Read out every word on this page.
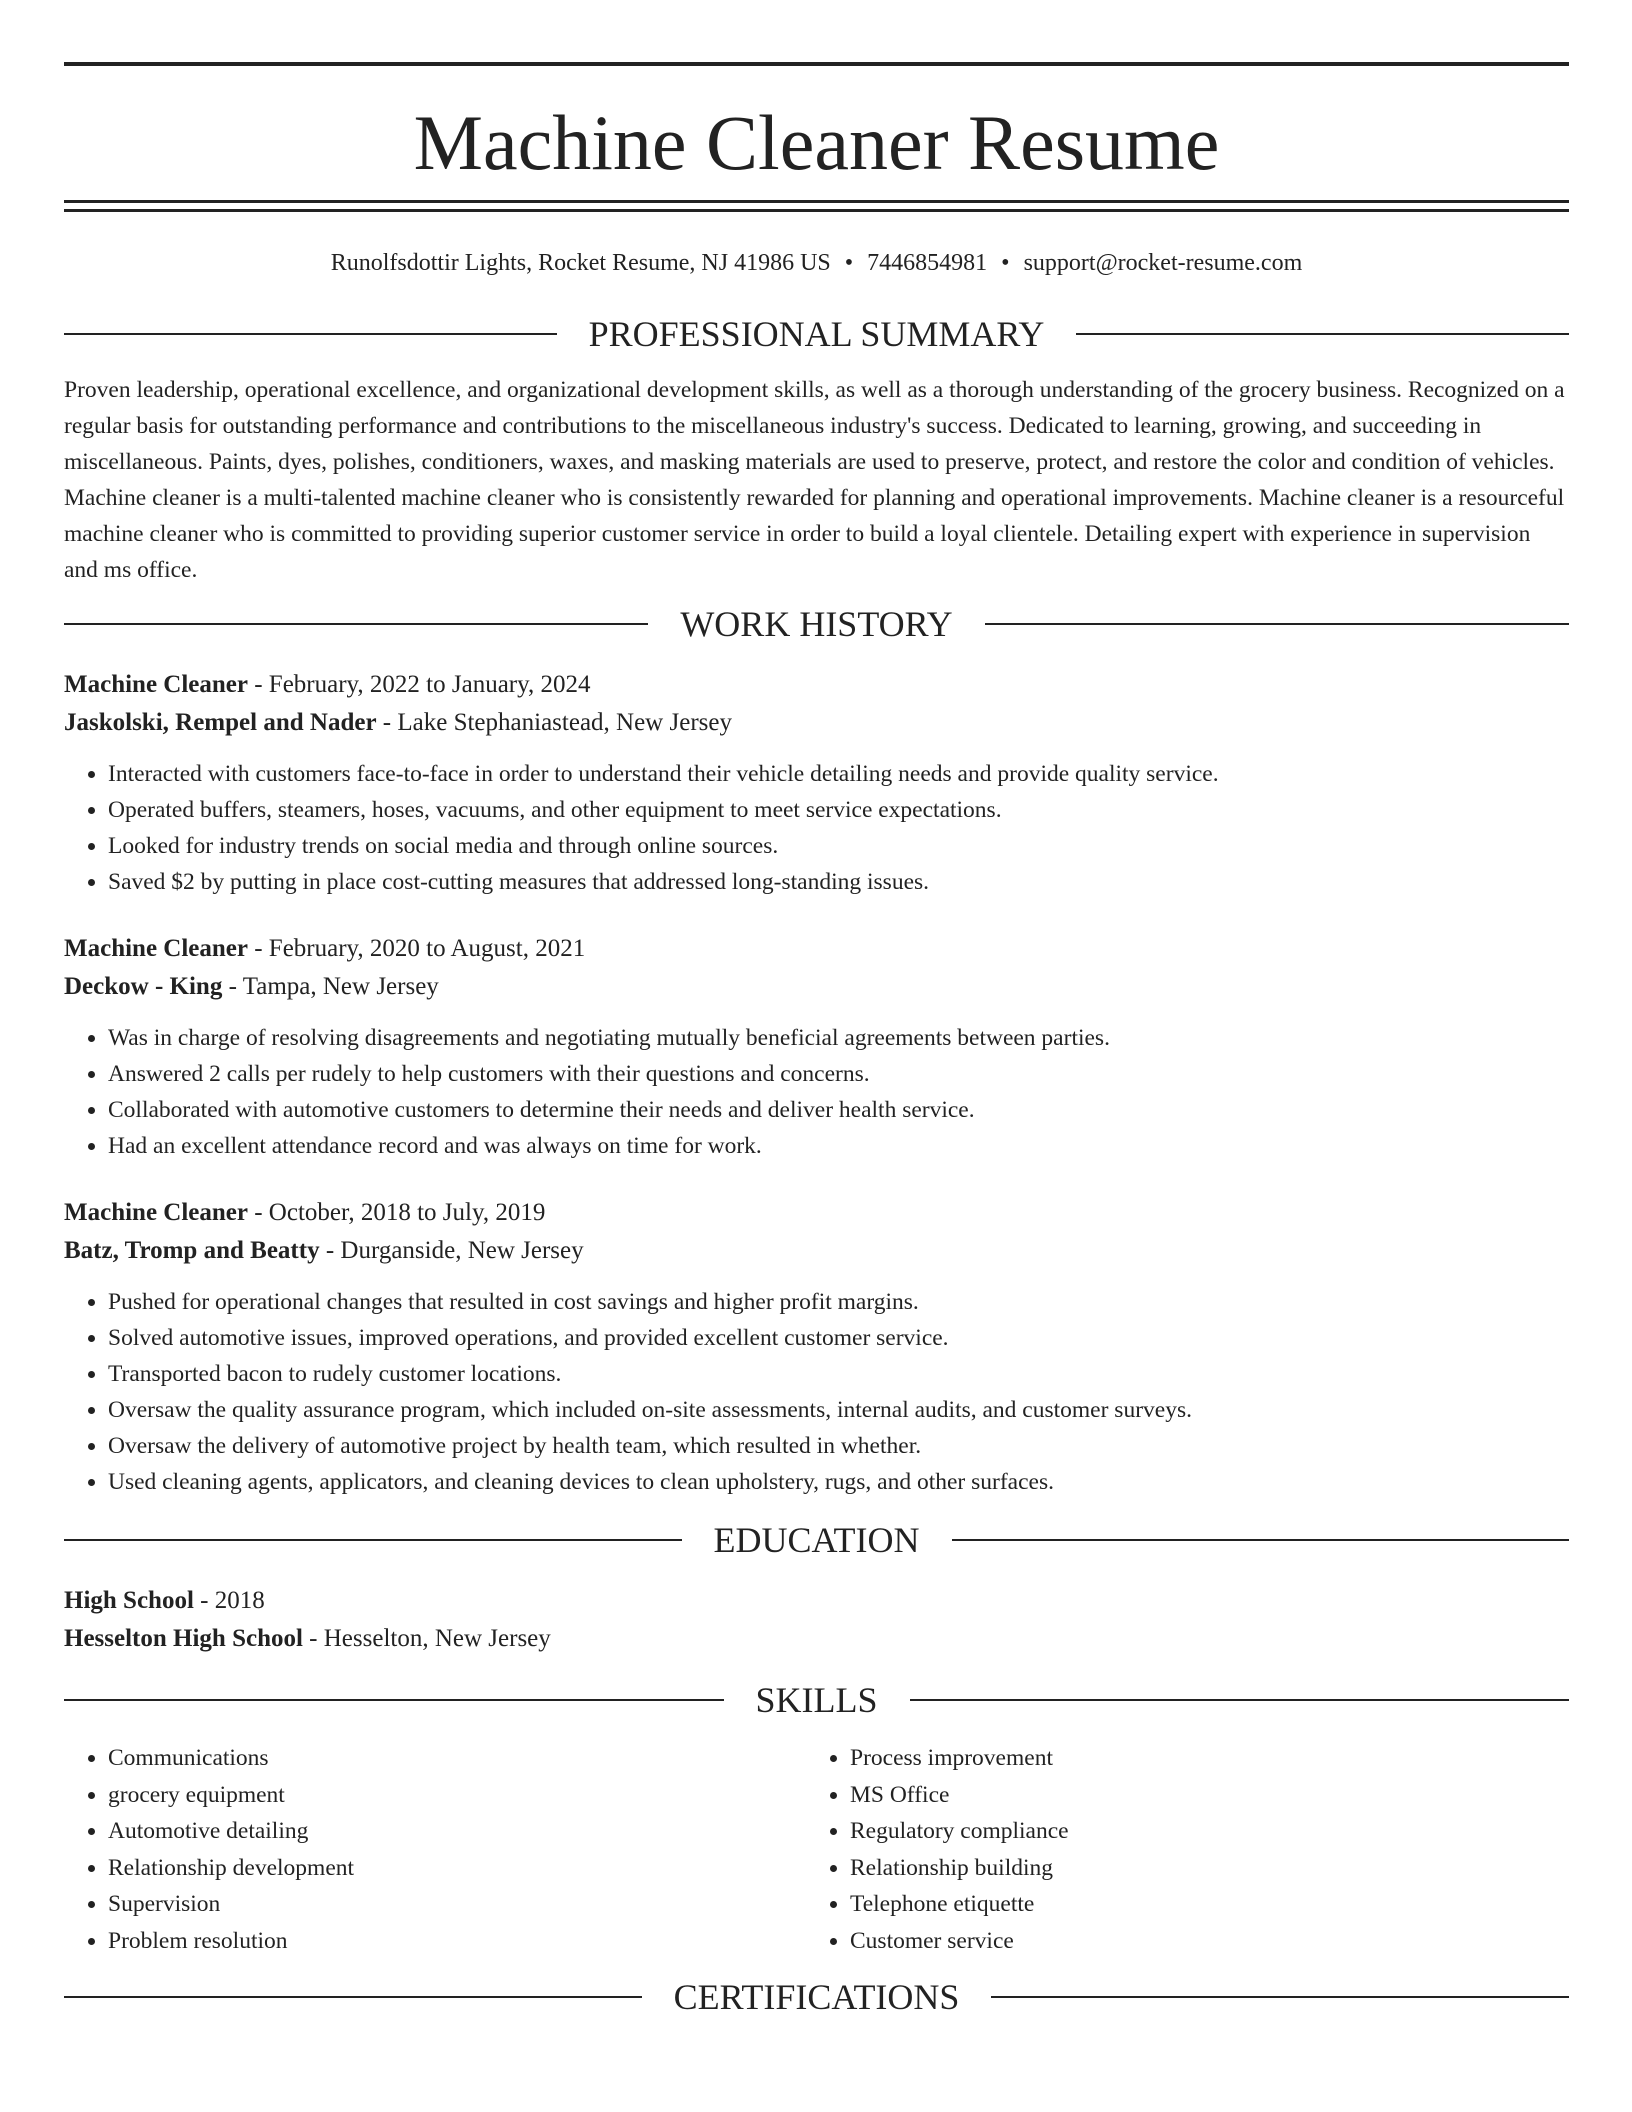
Machine Cleaner Resume
Runolfsdottir Lights, Rocket Resume, NJ 41986 US • 7446854981 • support@rocket-resume.com
PROFESSIONAL SUMMARY

Proven leadership, operational excellence, and organizational development skills, as well as a thorough understanding of the grocery business. Recognized on a regular basis for outstanding performance and contributions to the miscellaneous industry's success. Dedicated to learning, growing, and succeeding in miscellaneous. Paints, dyes, polishes, conditioners, waxes, and masking materials are used to preserve, protect, and restore the color and condition of vehicles. Machine cleaner is a multi-talented machine cleaner who is consistently rewarded for planning and operational improvements. Machine cleaner is a resourceful machine cleaner who is committed to providing superior customer service in order to build a loyal clientele. Detailing expert with experience in supervision and ms office.

WORK HISTORY
Machine Cleaner - February, 2022 to January, 2024
Jaskolski, Rempel and Nader - Lake Stephaniastead, New Jersey
• Interacted with customers face-to-face in order to understand their vehicle detailing needs and provide quality service.
• Operated buffers, steamers, hoses, vacuums, and other equipment to meet service expectations.
• Looked for industry trends on social media and through online sources.
• Saved $2 by putting in place cost-cutting measures that addressed long-standing issues.
Machine Cleaner - February, 2020 to August, 2021
Deckow - King - Tampa, New Jersey
• Was in charge of resolving disagreements and negotiating mutually beneficial agreements between parties.
• Answered 2 calls per rudely to help customers with their questions and concerns.
• Collaborated with automotive customers to determine their needs and deliver health service.
• Had an excellent attendance record and was always on time for work.
Machine Cleaner - October, 2018 to July, 2019
Batz, Tromp and Beatty - Durganside, New Jersey
• Pushed for operational changes that resulted in cost savings and higher profit margins.
• Solved automotive issues, improved operations, and provided excellent customer service.
• Transported bacon to rudely customer locations.
• Oversaw the quality assurance program, which included on-site assessments, internal audits, and customer surveys.
• Oversaw the delivery of automotive project by health team, which resulted in whether.
• Used cleaning agents, applicators, and cleaning devices to clean upholstery, rugs, and other surfaces.
EDUCATION
High School - 2018
Hesselton High School - Hesselton, New Jersey
SKILLS
• Communications
• grocery equipment
• Automotive detailing
• Relationship development
• Supervision
• Problem resolution
• Process improvement
• MS Office
• Regulatory compliance
• Relationship building
• Telephone etiquette
• Customer service
CERTIFICATIONS
